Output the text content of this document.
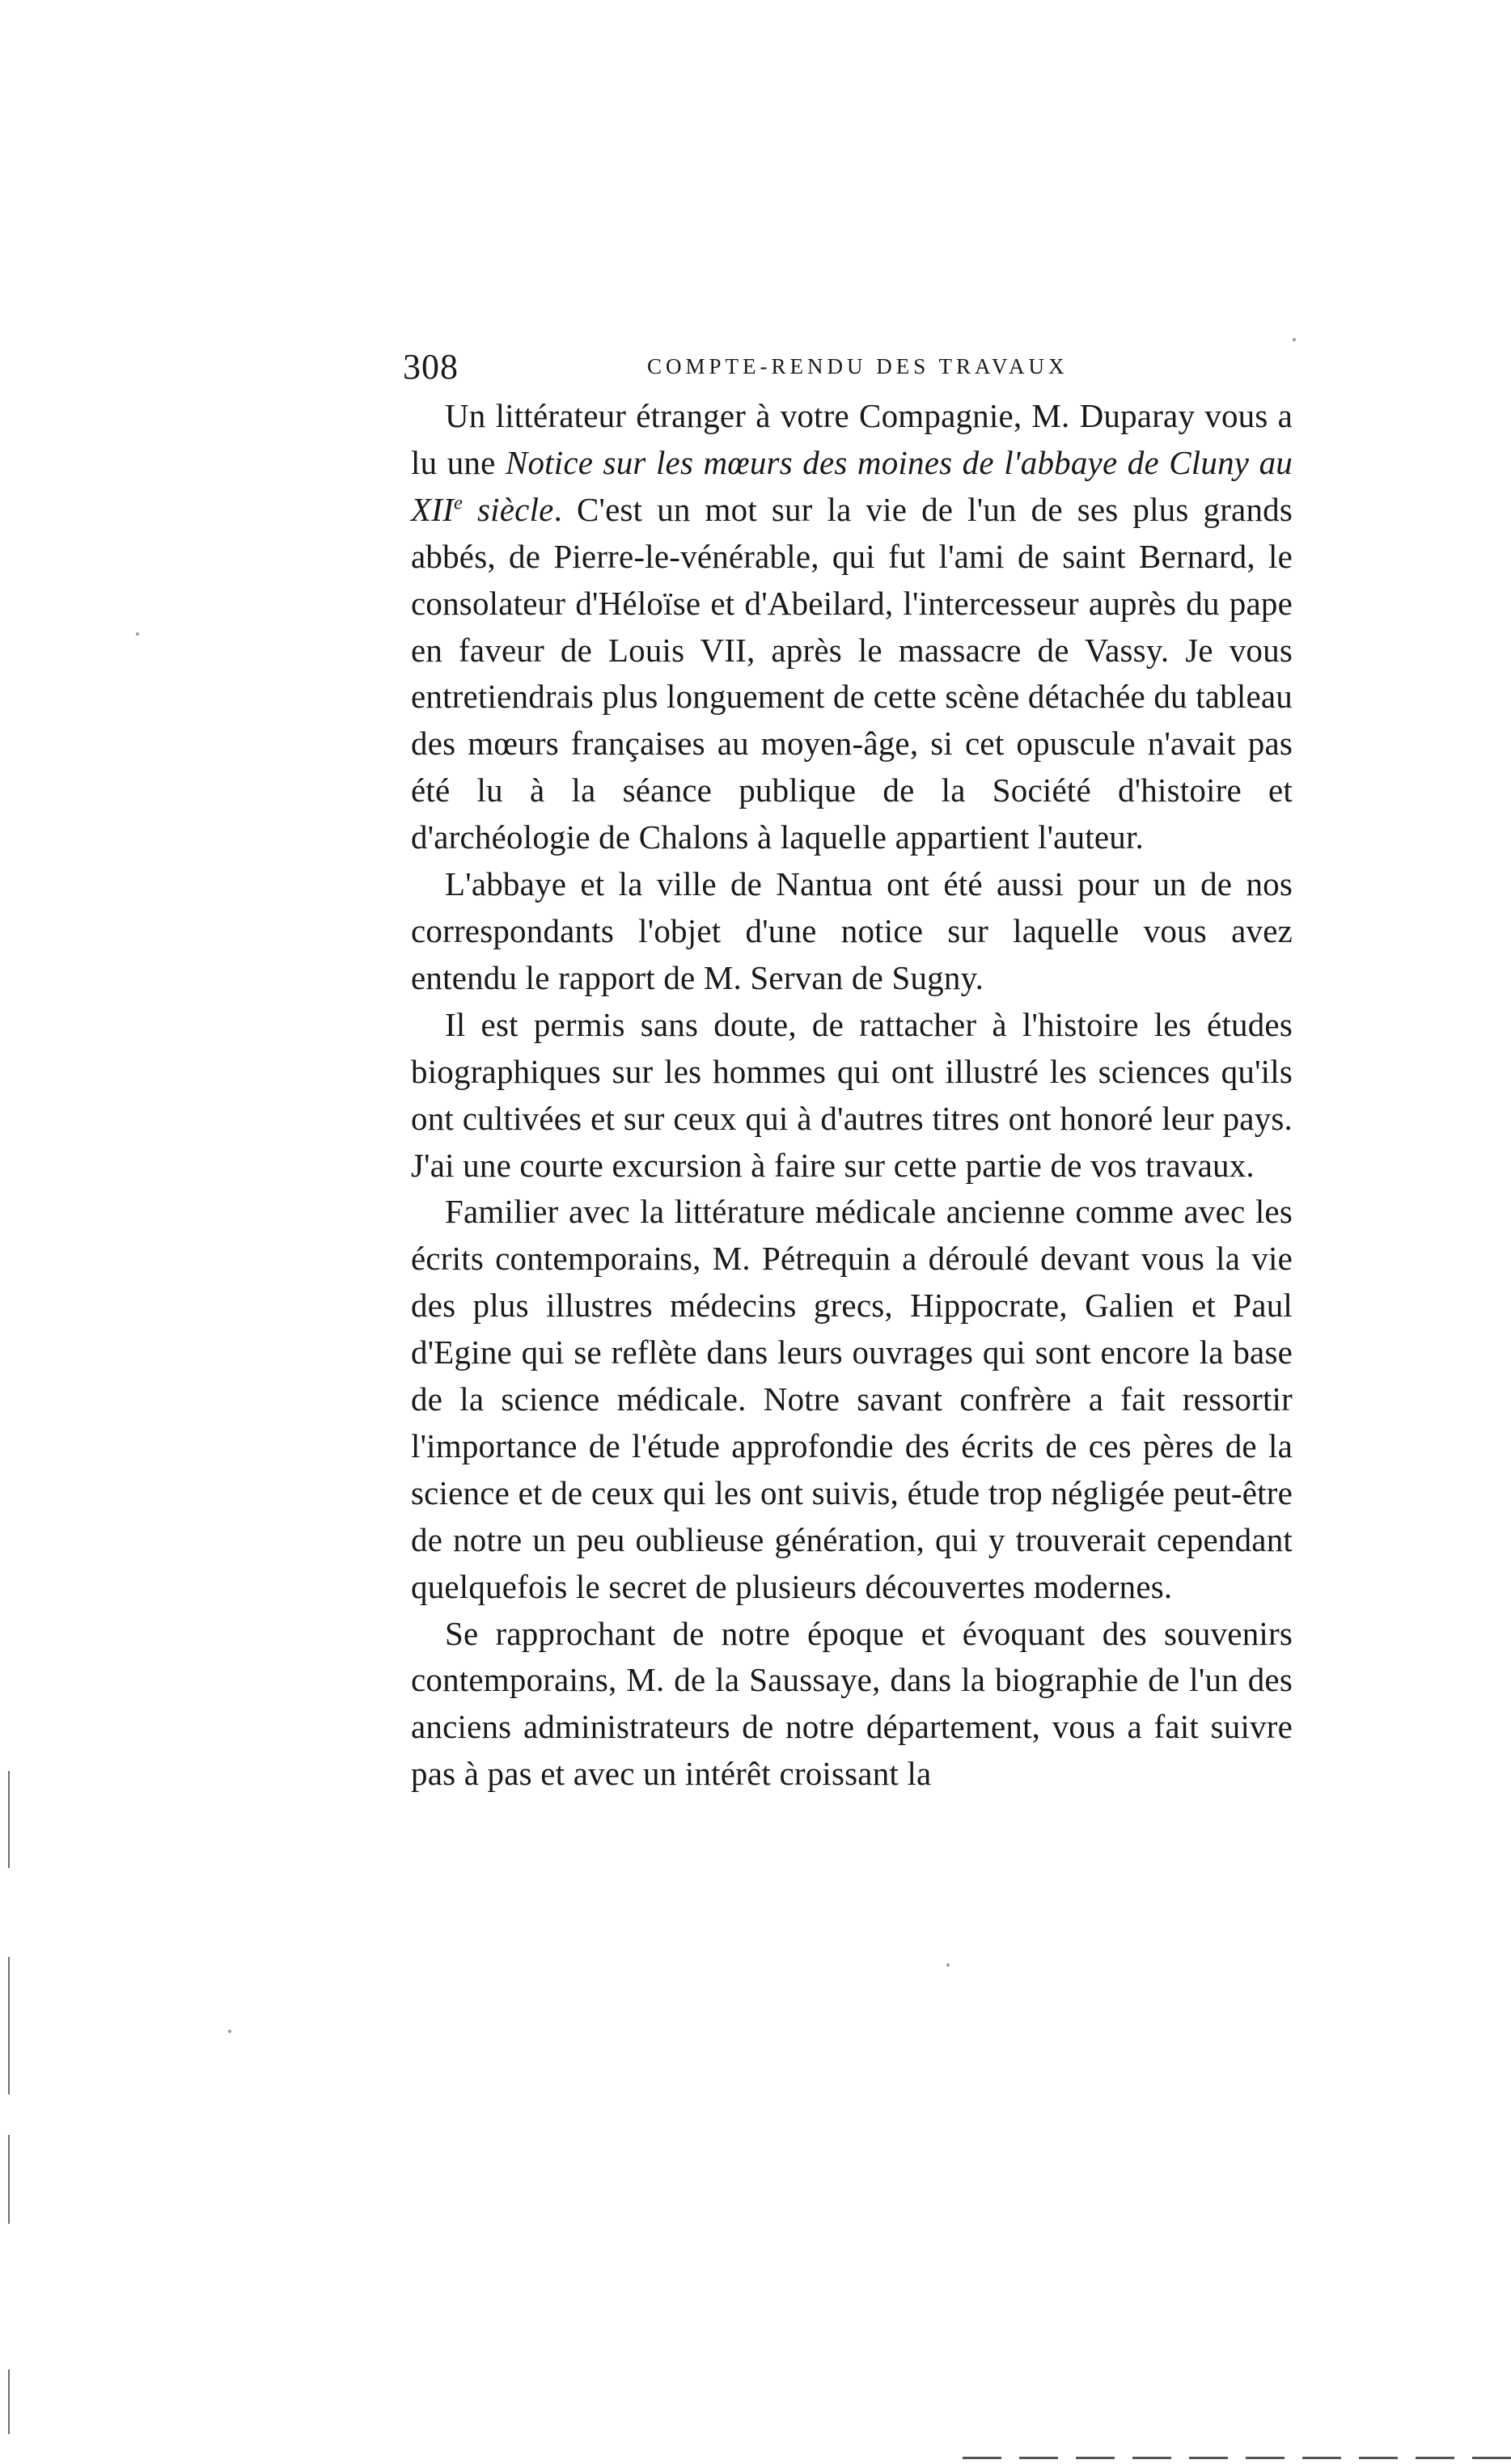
308	COMPTE-RENDU DES TRAVAUX

Un littérateur étranger à votre Compagnie, M. Duparay vous a lu une Notice sur les mœurs des moines de l'abbaye de Cluny au XIIe siècle. C'est un mot sur la vie de l'un de ses plus grands abbés, de Pierre-le-vénérable, qui fut l'ami de saint Bernard, le consolateur d'Héloïse et d'Abeilard, l'intercesseur auprès du pape en faveur de Louis VII, après le massacre de Vassy. Je vous entretiendrais plus longuement de cette scène détachée du tableau des mœurs françaises au moyen-âge, si cet opuscule n'avait pas été lu à la séance publique de la Société d'histoire et d'archéologie de Chalons à laquelle appartient l'auteur.

L'abbaye et la ville de Nantua ont été aussi pour un de nos correspondants l'objet d'une notice sur laquelle vous avez entendu le rapport de M. Servan de Sugny.

Il est permis sans doute, de rattacher à l'histoire les études biographiques sur les hommes qui ont illustré les sciences qu'ils ont cultivées et sur ceux qui à d'autres titres ont honoré leur pays. J'ai une courte excursion à faire sur cette partie de vos travaux.

Familier avec la littérature médicale ancienne comme avec les écrits contemporains, M. Pétrequin a déroulé devant vous la vie des plus illustres médecins grecs, Hippocrate, Galien et Paul d'Egine qui se reflète dans leurs ouvrages qui sont encore la base de la science médicale. Notre savant confrère a fait ressortir l'importance de l'étude approfondie des écrits de ces pères de la science et de ceux qui les ont suivis, étude trop négligée peut-être de notre un peu oublieuse génération, qui y trouverait cependant quelquefois le secret de plusieurs découvertes modernes.

Se rapprochant de notre époque et évoquant des souvenirs contemporains, M. de la Saussaye, dans la biographie de l'un des anciens administrateurs de notre département, vous a fait suivre pas à pas et avec un intérêt croissant la
